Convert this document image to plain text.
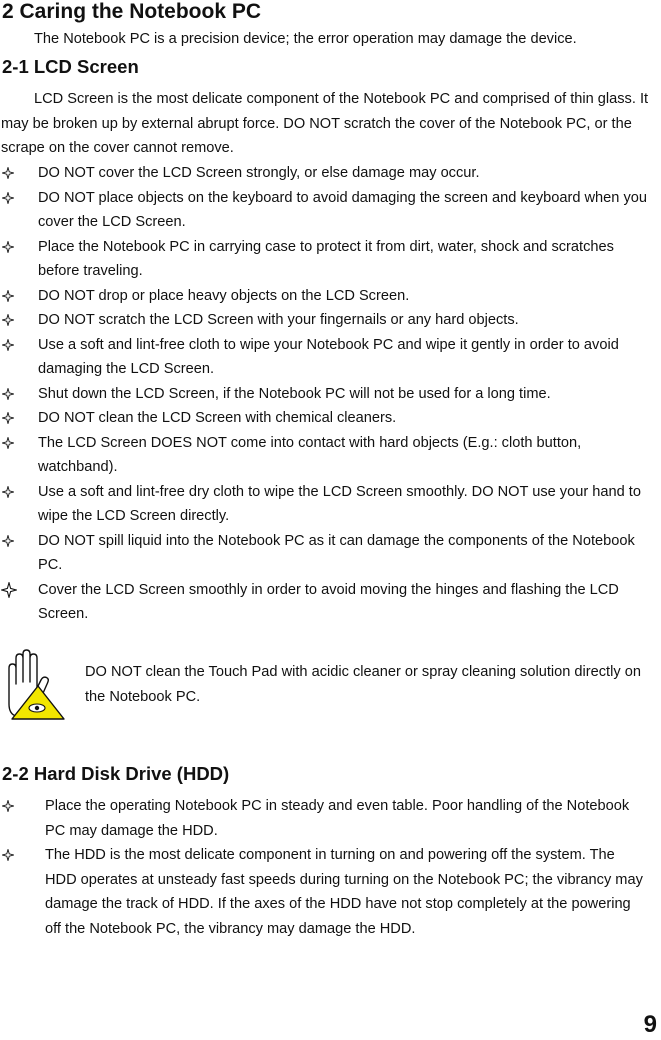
2 Caring the Notebook PC

The Notebook PC is a precision device; the error operation may damage the device.

2-1 LCD Screen

LCD Screen is the most delicate component of the Notebook PC and comprised of thin glass. It may be broken up by external abrupt force. DO NOT scratch the cover of the Notebook PC, or the scrape on the cover cannot remove.

DO NOT cover the LCD Screen strongly, or else damage may occur.
DO NOT place objects on the keyboard to avoid damaging the screen and keyboard when you cover the LCD Screen.
Place the Notebook PC in carrying case to protect it from dirt, water, shock and scratches before traveling.
DO NOT drop or place heavy objects on the LCD Screen.
DO NOT scratch the LCD Screen with your fingernails or any hard objects.
Use a soft and lint-free cloth to wipe your Notebook PC and wipe it gently in order to avoid damaging the LCD Screen.
Shut down the LCD Screen, if the Notebook PC will not be used for a long time.
DO NOT clean the LCD Screen with chemical cleaners.
The LCD Screen DOES NOT come into contact with hard objects (E.g.: cloth button, watchband).
Use a soft and lint-free dry cloth to wipe the LCD Screen smoothly. DO NOT use your hand to wipe the LCD Screen directly.
DO NOT spill liquid into the Notebook PC as it can damage the components of the Notebook PC.
Cover the LCD Screen smoothly in order to avoid moving the hinges and flashing the LCD Screen.

DO NOT clean the Touch Pad with acidic cleaner or spray cleaning solution directly on the Notebook PC.

2-2 Hard Disk Drive (HDD)
Place the operating Notebook PC in steady and even table. Poor handling of the Notebook PC may damage the HDD.
The HDD is the most delicate component in turning on and powering off the system. The HDD operates at unsteady fast speeds during turning on the Notebook PC; the vibrancy may damage the track of HDD. If the axes of the HDD have not stop completely at the powering off the Notebook PC, the vibrancy may damage the HDD.

9
